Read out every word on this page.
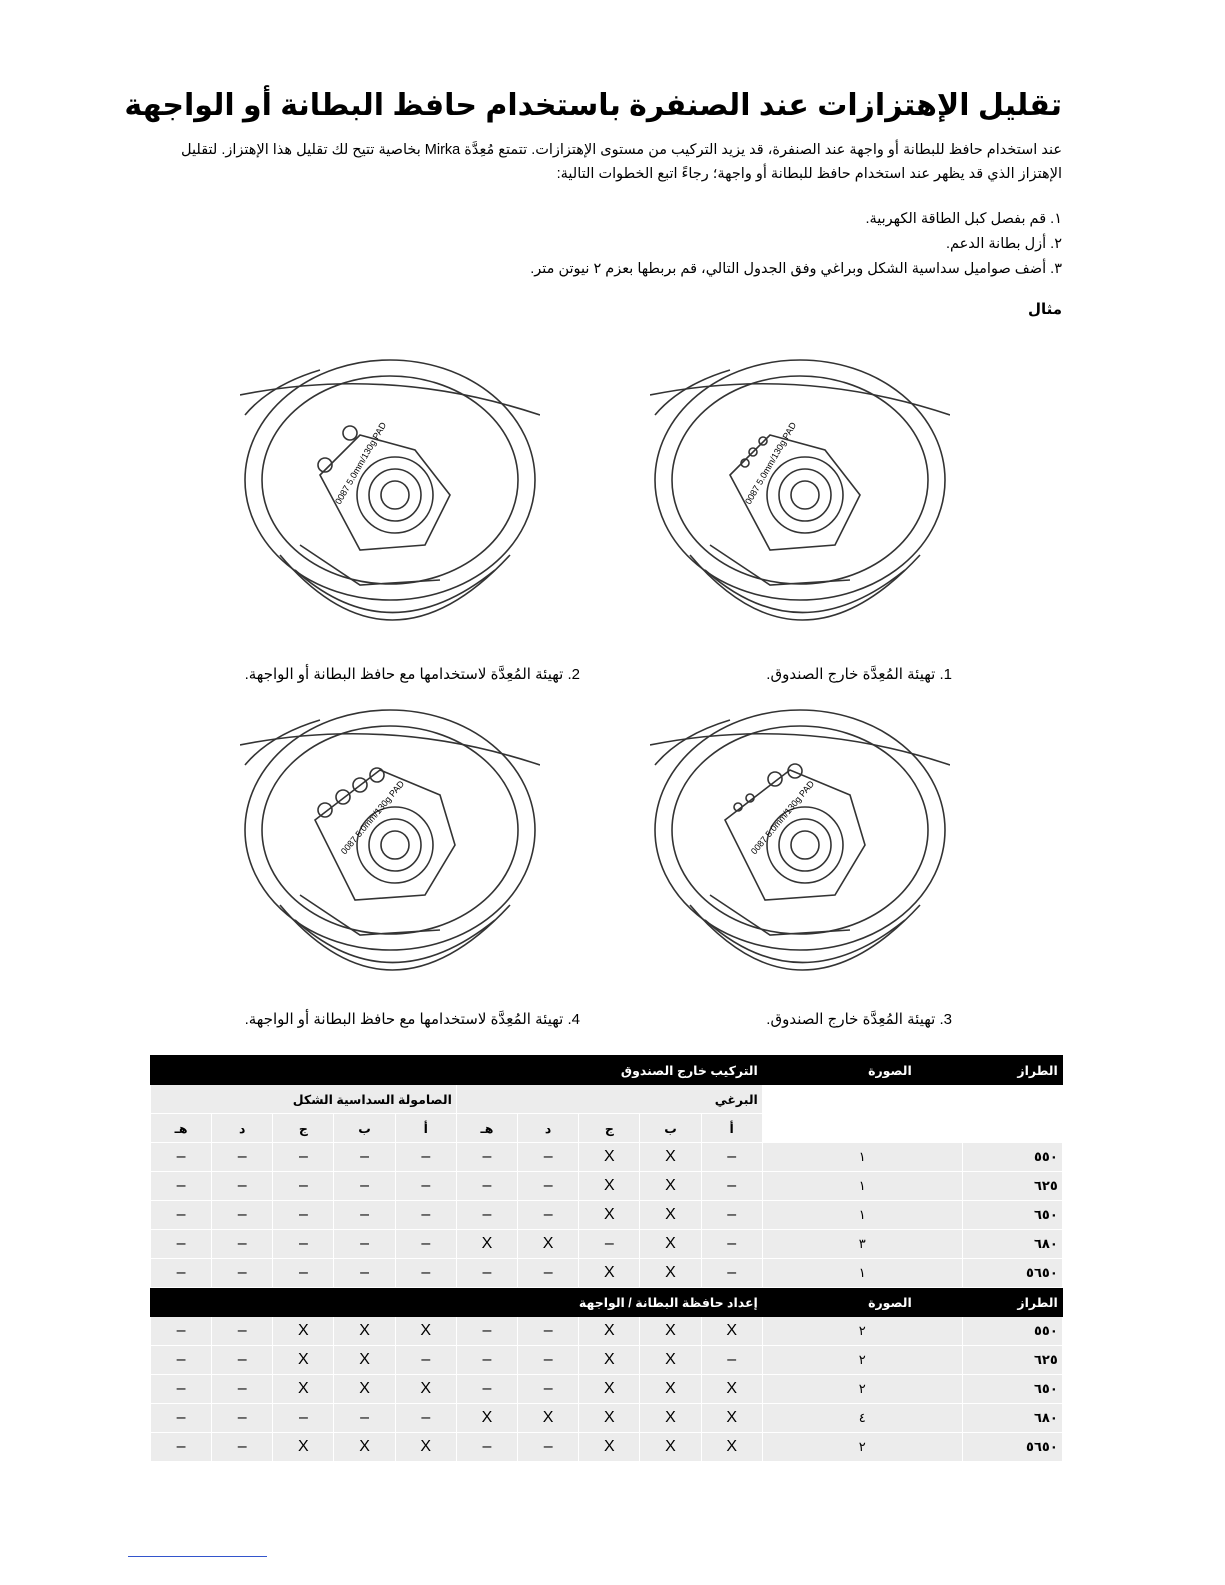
تقليل الإهتزازات عند الصنفرة باستخدام حافظ البطانة أو الواجهة
عند استخدام حافظ للبطانة أو واجهة عند الصنفرة، قد يزيد التركيب من مستوى الإهتزازات. تتمتع مُعِدَّة Mirka بخاصية تتيح لك تقليل هذا الإهتزاز. لتقليل الإهتزاز الذي قد يظهر عند استخدام حافظ للبطانة أو واجهة؛ رجاءً اتبع الخطوات التالية:
١. قم بفصل كبل الطاقة الكهربية.
٢. أزل بطانة الدعم.
٣. أضف صواميل سداسية الشكل وبراغي وفق الجدول التالي، قم بربطها بعزم ٢ نيوتن متر.
مثال
0087 5.0mm/130g PAD
1. تهيئة المُعِدَّة خارج الصندوق.
0087 5.0mm/130g PAD
2. تهيئة المُعِدَّة لاستخدامها مع حافظ البطانة أو الواجهة.
0087 5.0mm/130g PAD
3. تهيئة المُعِدَّة خارج الصندوق.
0087 5.0mm/130g PAD
4. تهيئة المُعِدَّة لاستخدامها مع حافظ البطانة أو الواجهة.
الطراز	الصورة	التركيب خارج الصندوق									
		البرغي					الصامولة السداسية الشكل				
		أ	ب	ج	د	هـ	أ	ب	ج	د	هـ
٥٥٠	١	–	X	X	–	–	–	–	–	–	–
٦٢٥	١	–	X	X	–	–	–	–	–	–	–
٦٥٠	١	–	X	X	–	–	–	–	–	–	–
٦٨٠	٣	–	X	–	X	X	–	–	–	–	–
٥٦٥٠	١	–	X	X	–	–	–	–	–	–	–
الطراز	الصورة	إعداد حافظة البطانة / الواجهة									
٥٥٠	٢	X	X	X	–	–	X	X	X	–	–
٦٢٥	٢	–	X	X	–	–	–	X	X	–	–
٦٥٠	٢	X	X	X	–	–	X	X	X	–	–
٦٨٠	٤	X	X	X	X	X	–	–	–	–	–
٥٦٥٠	٢	X	X	X	–	–	X	X	X	–	–
